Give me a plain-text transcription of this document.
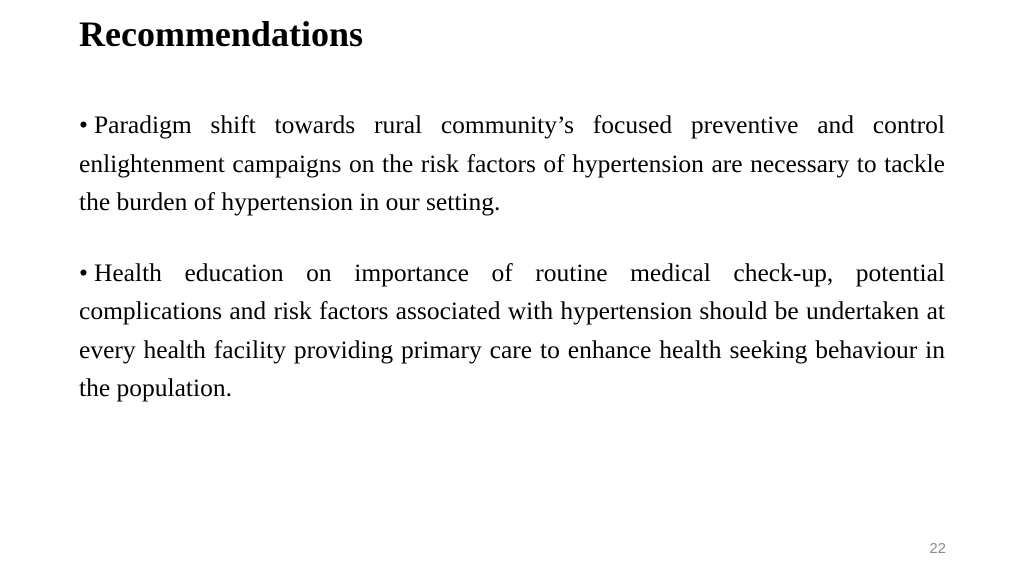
Recommendations
• Paradigm shift towards rural community’s focused preventive and control enlightenment campaigns on the risk factors of hypertension are necessary to tackle the burden of hypertension in our setting.
• Health education on importance of routine medical check-up, potential complications and risk factors associated with hypertension should be undertaken at every health facility providing primary care to enhance health seeking behaviour in the population.
22
